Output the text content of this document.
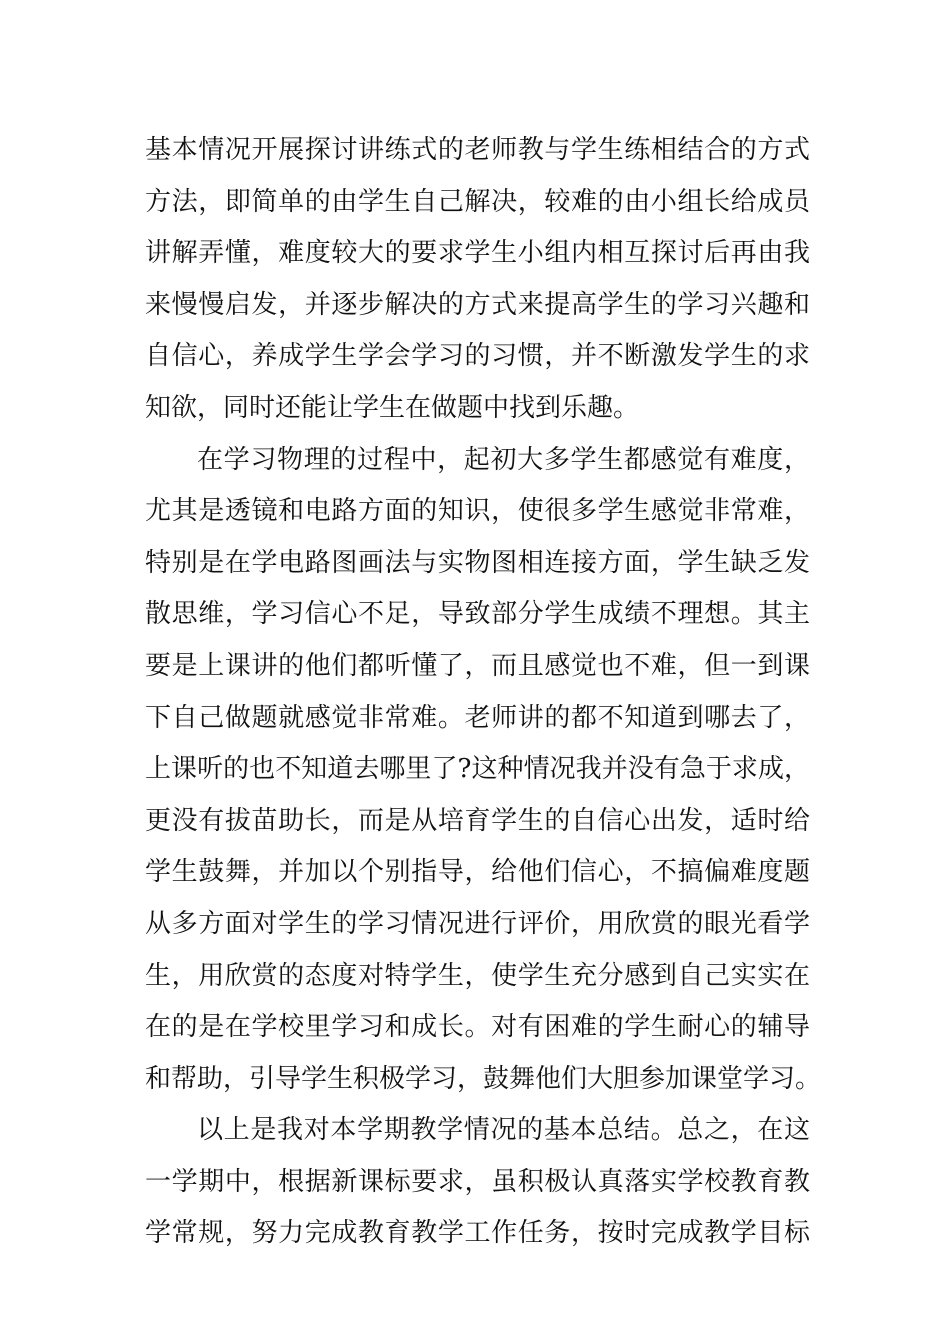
基本情况开展探讨讲练式的老师教与学生练相结合的方式
方法，即简单的由学生自己解决，较难的由小组长给成员
讲解弄懂，难度较大的要求学生小组内相互探讨后再由我
来慢慢启发，并逐步解决的方式来提高学生的学习兴趣和
自信心，养成学生学会学习的习惯，并不断激发学生的求
知欲，同时还能让学生在做题中找到乐趣。
在学习物理的过程中，起初大多学生都感觉有难度，
尤其是透镜和电路方面的知识，使很多学生感觉非常难，
特别是在学电路图画法与实物图相连接方面，学生缺乏发
散思维，学习信心不足，导致部分学生成绩不理想。其主
要是上课讲的他们都听懂了，而且感觉也不难，但一到课
下自己做题就感觉非常难。老师讲的都不知道到哪去了，
上课听的也不知道去哪里了?这种情况我并没有急于求成，
更没有拔苗助长，而是从培育学生的自信心出发，适时给
学生鼓舞，并加以个别指导，给他们信心，不搞偏难度题
从多方面对学生的学习情况进行评价，用欣赏的眼光看学
生，用欣赏的态度对特学生，使学生充分感到自己实实在
在的是在学校里学习和成长。对有困难的学生耐心的辅导
和帮助，引导学生积极学习，鼓舞他们大胆参加课堂学习。
以上是我对本学期教学情况的基本总结。总之，在这
一学期中，根据新课标要求，虽积极认真落实学校教育教
学常规，努力完成教育教学工作任务，按时完成教学目标
